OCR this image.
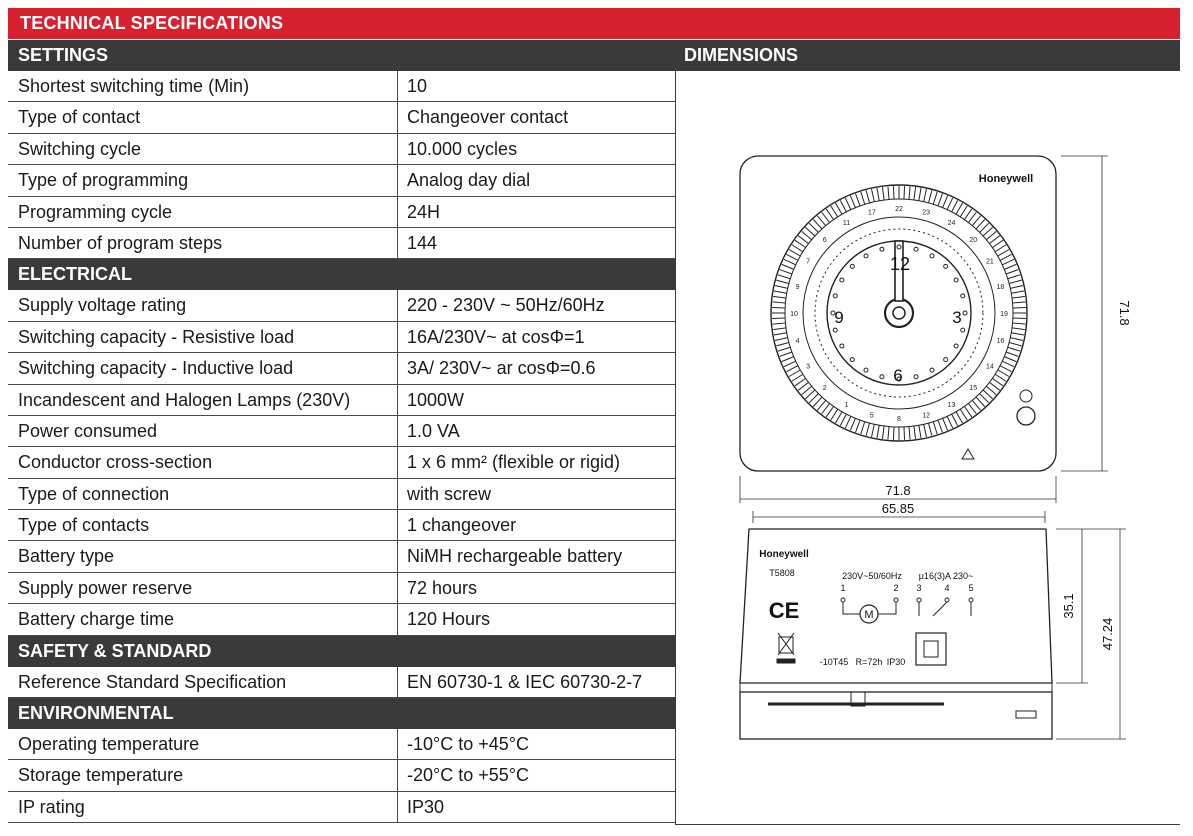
TECHNICAL SPECIFICATIONS
SETTINGS
Shortest switching time (Min)	10
Type of contact	Changeover contact
Switching cycle	10.000 cycles
Type of programming	Analog day dial
Programming cycle	24H
Number of program steps	144
ELECTRICAL
Supply voltage rating	220 - 230V ~ 50Hz/60Hz
Switching capacity - Resistive load	16A/230V~ at cosΦ=1
Switching capacity - Inductive load	3A/ 230V~ ar cosΦ=0.6
Incandescent and Halogen Lamps (230V)	1000W
Power consumed	1.0 VA
Conductor cross-section	1 x 6 mm² (flexible or rigid)
Type of connection	with screw
Type of contacts	1 changeover
Battery type	NiMH rechargeable battery
Supply power reserve	72 hours
Battery charge time	120 Hours
SAFETY & STANDARD
Reference Standard Specification	EN 60730-1 & IEC 60730-2-7
ENVIRONMENTAL
Operating temperature	-10°C to +45°C
Storage temperature	-20°C to +55°C
IP rating	IP30
DIMENSIONS
Honeywell
12
3
6
9
22
23
24
20
21
18
19
16
14
15
13
12
8
5
1
2
3
4
10
9
7
6
11
17
71.8
71.8
65.85
Honeywell
T5808	230V~50/60Hz
1	2
μ16(3)A 230~
3	4 5
M
CE
-10T45 R=72h IP30
35.1
47.24
